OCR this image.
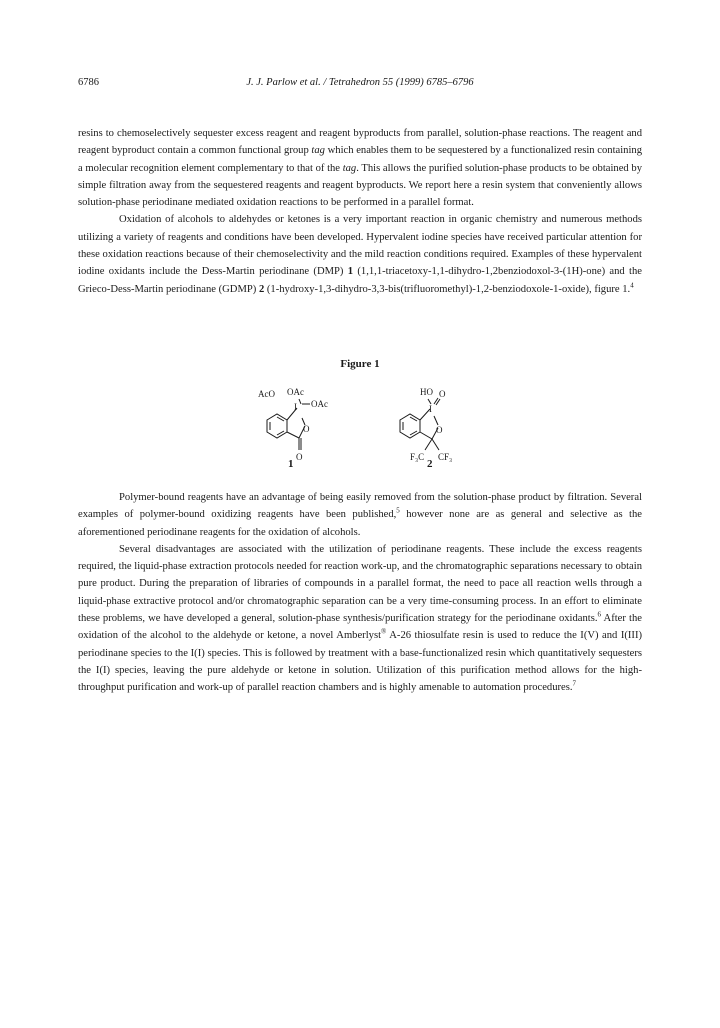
6786	J. J. Parlow et al. / Tetrahedron 55 (1999) 6785–6796

resins to chemoselectively sequester excess reagent and reagent byproducts from parallel, solution-phase reactions. The reagent and reagent byproduct contain a common functional group tag which enables them to be sequestered by a functionalized resin containing a molecular recognition element complementary to that of the tag. This allows the purified solution-phase products to be obtained by simple filtration away from the sequestered reagents and reagent byproducts. We report here a resin system that conveniently allows solution-phase periodinane mediated oxidation reactions to be performed in a parallel format.

Oxidation of alcohols to aldehydes or ketones is a very important reaction in organic chemistry and numerous methods utilizing a variety of reagents and conditions have been developed. Hypervalent iodine species have received particular attention for these oxidation reactions because of their chemoselectivity and the mild reaction conditions required. Examples of these hypervalent iodine oxidants include the Dess-Martin periodinane (DMP) 1 (1,1,1-triacetoxy-1,1-dihydro-1,2benziodoxol-3-(1H)-one) and the Grieco-Dess-Martin periodinane (GDMP) 2 (1-hydroxy-1,3-dihydro-3,3-bis(trifluoromethyl)-1,2-benziodoxole-1-oxide), figure 1.$^4$

Figure 1
AcO OAc
I OAc
O
O
HO O
I
O
F₃C CF₃
1	2

Polymer-bound reagents have an advantage of being easily removed from the solution-phase product by filtration. Several examples of polymer-bound oxidizing reagents have been published,$^5$ however none are as general and selective as the aforementioned periodinane reagents for the oxidation of alcohols.

Several disadvantages are associated with the utilization of periodinane reagents. These include the excess reagents required, the liquid-phase extraction protocols needed for reaction work-up, and the chromatographic separations necessary to obtain pure product. During the preparation of libraries of compounds in a parallel format, the need to pace all reaction wells through a liquid-phase extractive protocol and/or chromatographic separation can be a very time-consuming process. In an effort to eliminate these problems, we have developed a general, solution-phase synthesis/purification strategy for the periodinane oxidants.$^6$ After the oxidation of the alcohol to the aldehyde or ketone, a novel Amberlyst® A-26 thiosulfate resin is used to reduce the I(V) and I(III) periodinane species to the I(I) species. This is followed by treatment with a base-functionalized resin which quantitatively sequesters the I(I) species, leaving the pure aldehyde or ketone in solution. Utilization of this purification method allows for the high-throughput purification and work-up of parallel reaction chambers and is highly amenable to automation procedures.$^7$
